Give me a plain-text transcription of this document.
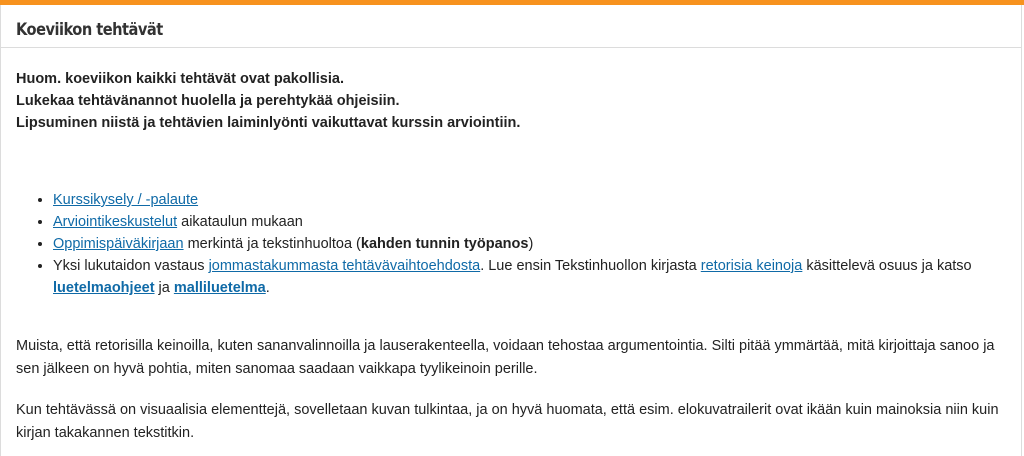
Koeviikon tehtävät
Huom. koeviikon kaikki tehtävät ovat pakollisia.
Lukekaa tehtävänannot huolella ja perehtykää ohjeisiin.
Lipsuminen niistä ja tehtävien laiminlyönti vaikuttavat kurssin arviointiin.
• Kurssikysely / -palaute
• Arviointikeskustelut aikataulun mukaan
• Oppimispäiväkirjaan merkintä ja tekstinhuoltoa (kahden tunnin työpanos)
• Yksi lukutaidon vastaus jommastakummasta tehtävävaihtoehdosta. Lue ensin Tekstinhuollon kirjasta retorisia keinoja käsittelevä osuus ja katso luetelmaohjeet ja malliluetelma.

Muista, että retorisilla keinoilla, kuten sananvalinnoilla ja lauserakenteella, voidaan tehostaa argumentointia. Silti pitää ymmärtää, mitä kirjoittaja sanoo ja sen jälkeen on hyvä pohtia, miten sanomaa saadaan vaikkapa tyylikeinoin perille.

Kun tehtävässä on visuaalisia elementtejä, sovelletaan kuvan tulkintaa, ja on hyvä huomata, että esim. elokuvatrailerit ovat ikään kuin mainoksia niin kuin kirjan takakannen tekstitkin.
